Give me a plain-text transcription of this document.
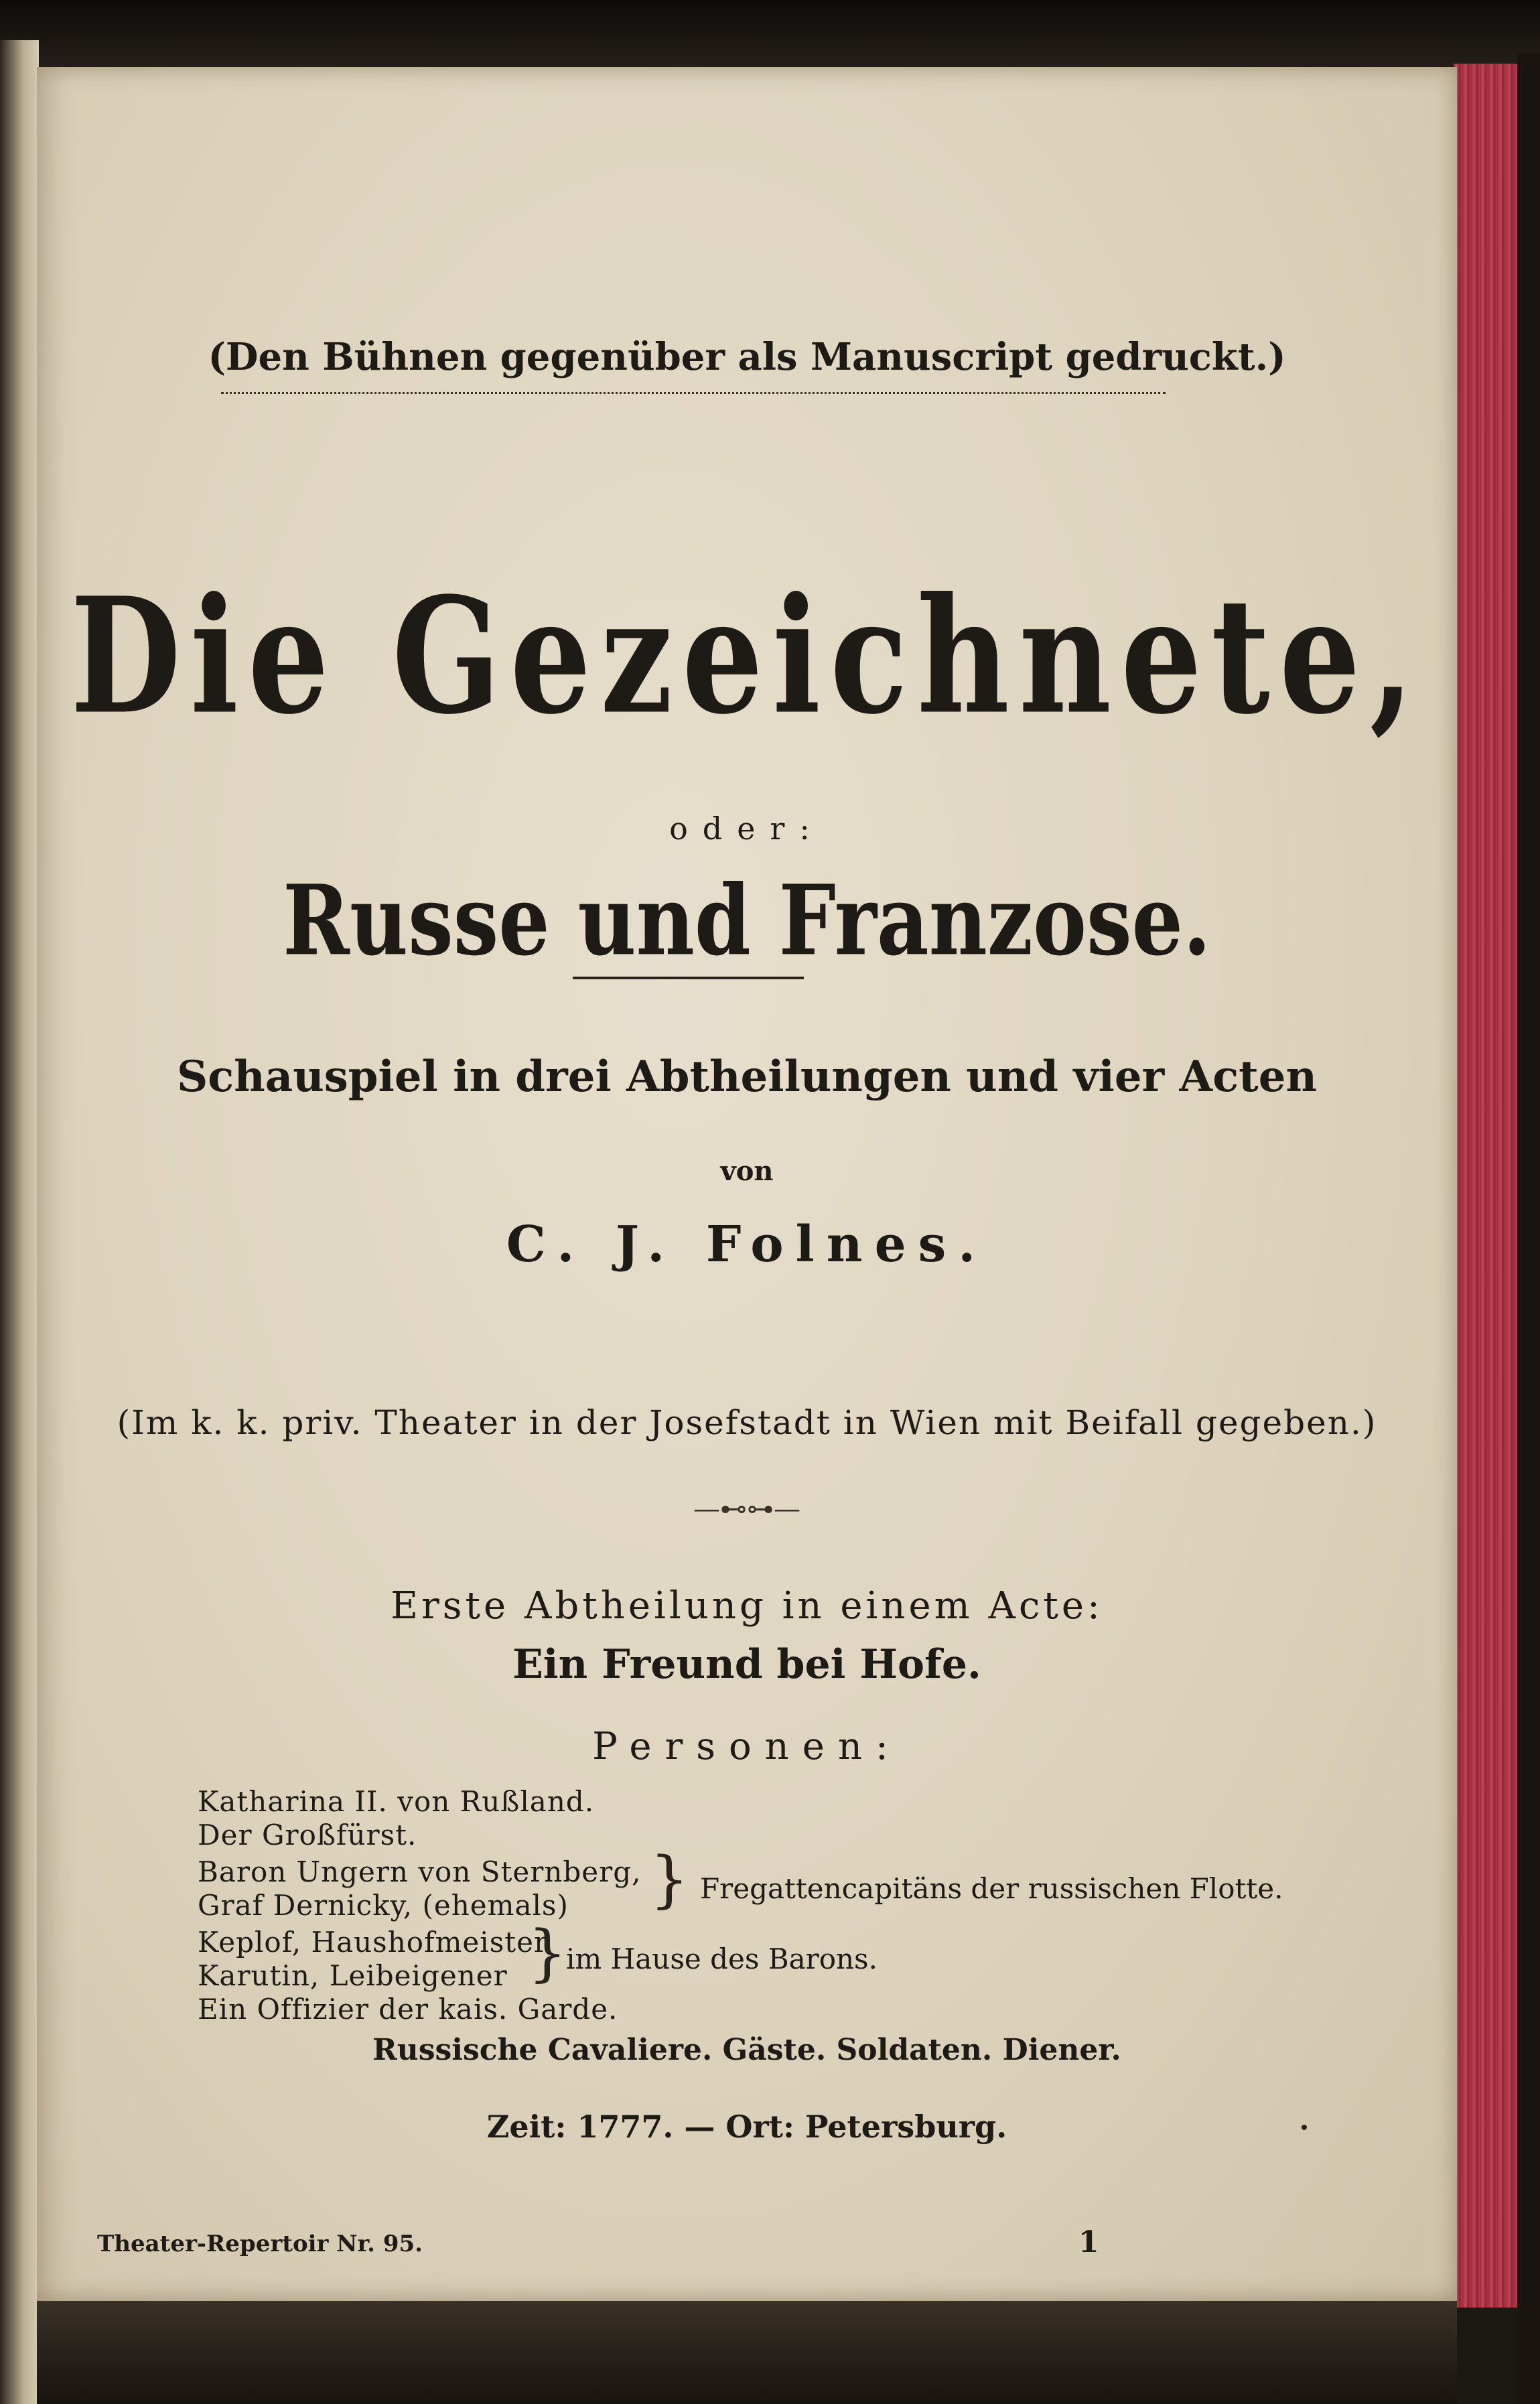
(Den Bühnen gegenüber als Manuscript gedruckt.)
Die Gezeichnete,
oder:
Russe und Franzose.
Schauspiel in drei Abtheilungen und vier Acten
von
C. J. Folnes.
(Im k. k. priv. Theater in der Josefstadt in Wien mit Beifall gegeben.)
—⊷⊶—
Erste Abtheilung in einem Acte:
Ein Freund bei Hofe.
Personen:
Katharina II. von Rußland.
Der Großfürst.
Baron Ungern von Sternberg,
Graf Dernicky, (ehemals)
Keplof, Haushofmeister
Karutin, Leibeigener
Ein Offizier der kais. Garde.
} Fregattencapitäns der russischen Flotte.
}
im Hause des Barons.
Russische Cavaliere. Gäste. Soldaten. Diener.
Zeit: 1777. — Ort: Petersburg.
Theater-Repertoir Nr. 95.	1
